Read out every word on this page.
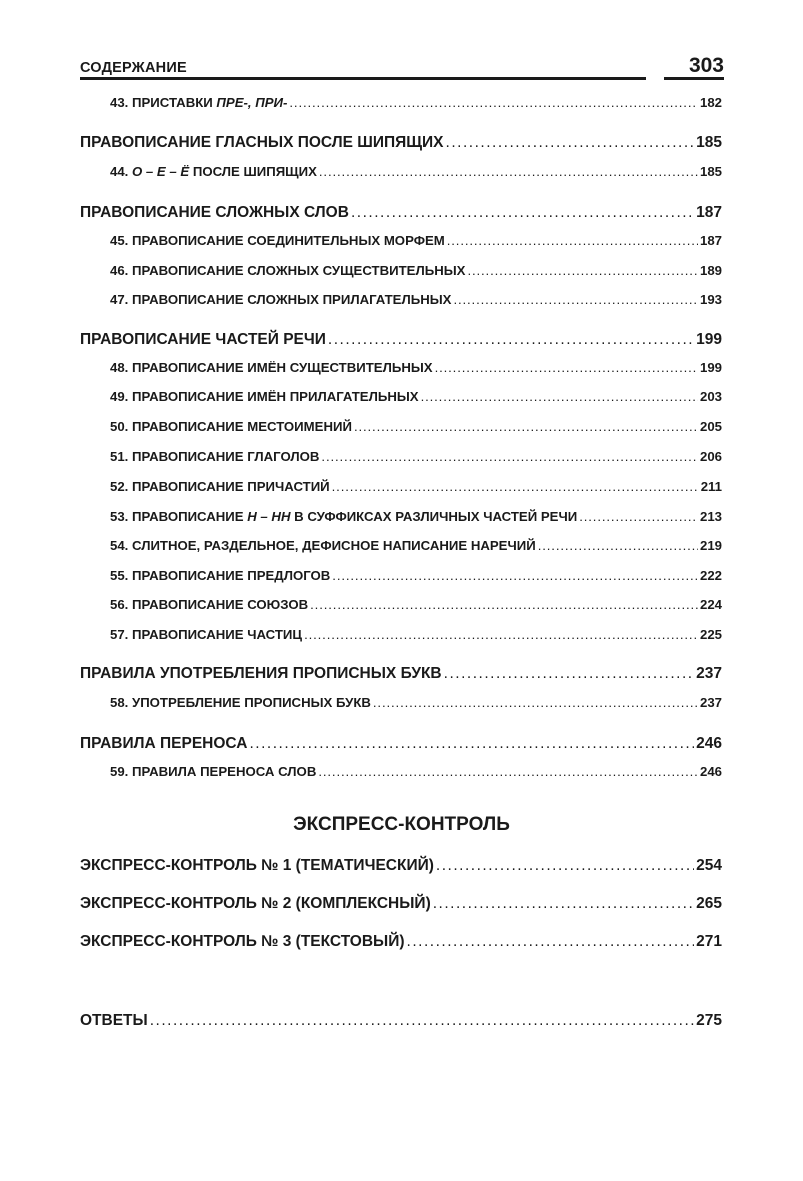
СОДЕРЖАНИЕ	303
43. ПРИСТАВКИ ПРЕ-, ПРИ- . . .	182
ПРАВОПИСАНИЕ ГЛАСНЫХ ПОСЛЕ ШИПЯЩИХ . . .	185
44. О – Е – Ё ПОСЛЕ ШИПЯЩИХ . . .	185
ПРАВОПИСАНИЕ СЛОЖНЫХ СЛОВ . . .	187
45. ПРАВОПИСАНИЕ СОЕДИНИТЕЛЬНЫХ МОРФЕМ . . .	187
46. ПРАВОПИСАНИЕ СЛОЖНЫХ СУЩЕСТВИТЕЛЬНЫХ . . .	189
47. ПРАВОПИСАНИЕ СЛОЖНЫХ ПРИЛАГАТЕЛЬНЫХ . . .	193
ПРАВОПИСАНИЕ ЧАСТЕЙ РЕЧИ . . .	199
48. ПРАВОПИСАНИЕ ИМЁН СУЩЕСТВИТЕЛЬНЫХ . . .	199
49. ПРАВОПИСАНИЕ ИМЁН ПРИЛАГАТЕЛЬНЫХ . . .	203
50. ПРАВОПИСАНИЕ МЕСТОИМЕНИЙ . . .	205
51. ПРАВОПИСАНИЕ ГЛАГОЛОВ . . .	206
52. ПРАВОПИСАНИЕ ПРИЧАСТИЙ . . .	211
53. ПРАВОПИСАНИЕ Н – НН В СУФФИКСАХ РАЗЛИЧНЫХ ЧАСТЕЙ РЕЧИ . . .	213
54. СЛИТНОЕ, РАЗДЕЛЬНОЕ, ДЕФИСНОЕ НАПИСАНИЕ НАРЕЧИЙ . . .	219
55. ПРАВОПИСАНИЕ ПРЕДЛОГОВ . . .	222
56. ПРАВОПИСАНИЕ СОЮЗОВ . . .	224
57. ПРАВОПИСАНИЕ ЧАСТИЦ . . .	225
ПРАВИЛА УПОТРЕБЛЕНИЯ ПРОПИСНЫХ БУКВ . . .	237
58. УПОТРЕБЛЕНИЕ ПРОПИСНЫХ БУКВ . . .	237
ПРАВИЛА ПЕРЕНОСА . . .	246
59. ПРАВИЛА ПЕРЕНОСА СЛОВ . . .	246
ЭКСПРЕСС-КОНТРОЛЬ
ЭКСПРЕСС-КОНТРОЛЬ № 1 (ТЕМАТИЧЕСКИЙ) . . .	254
ЭКСПРЕСС-КОНТРОЛЬ № 2 (КОМПЛЕКСНЫЙ) . . .	265
ЭКСПРЕСС-КОНТРОЛЬ № 3 (ТЕКСТОВЫЙ) . . .	271
ОТВЕТЫ . . .	275
